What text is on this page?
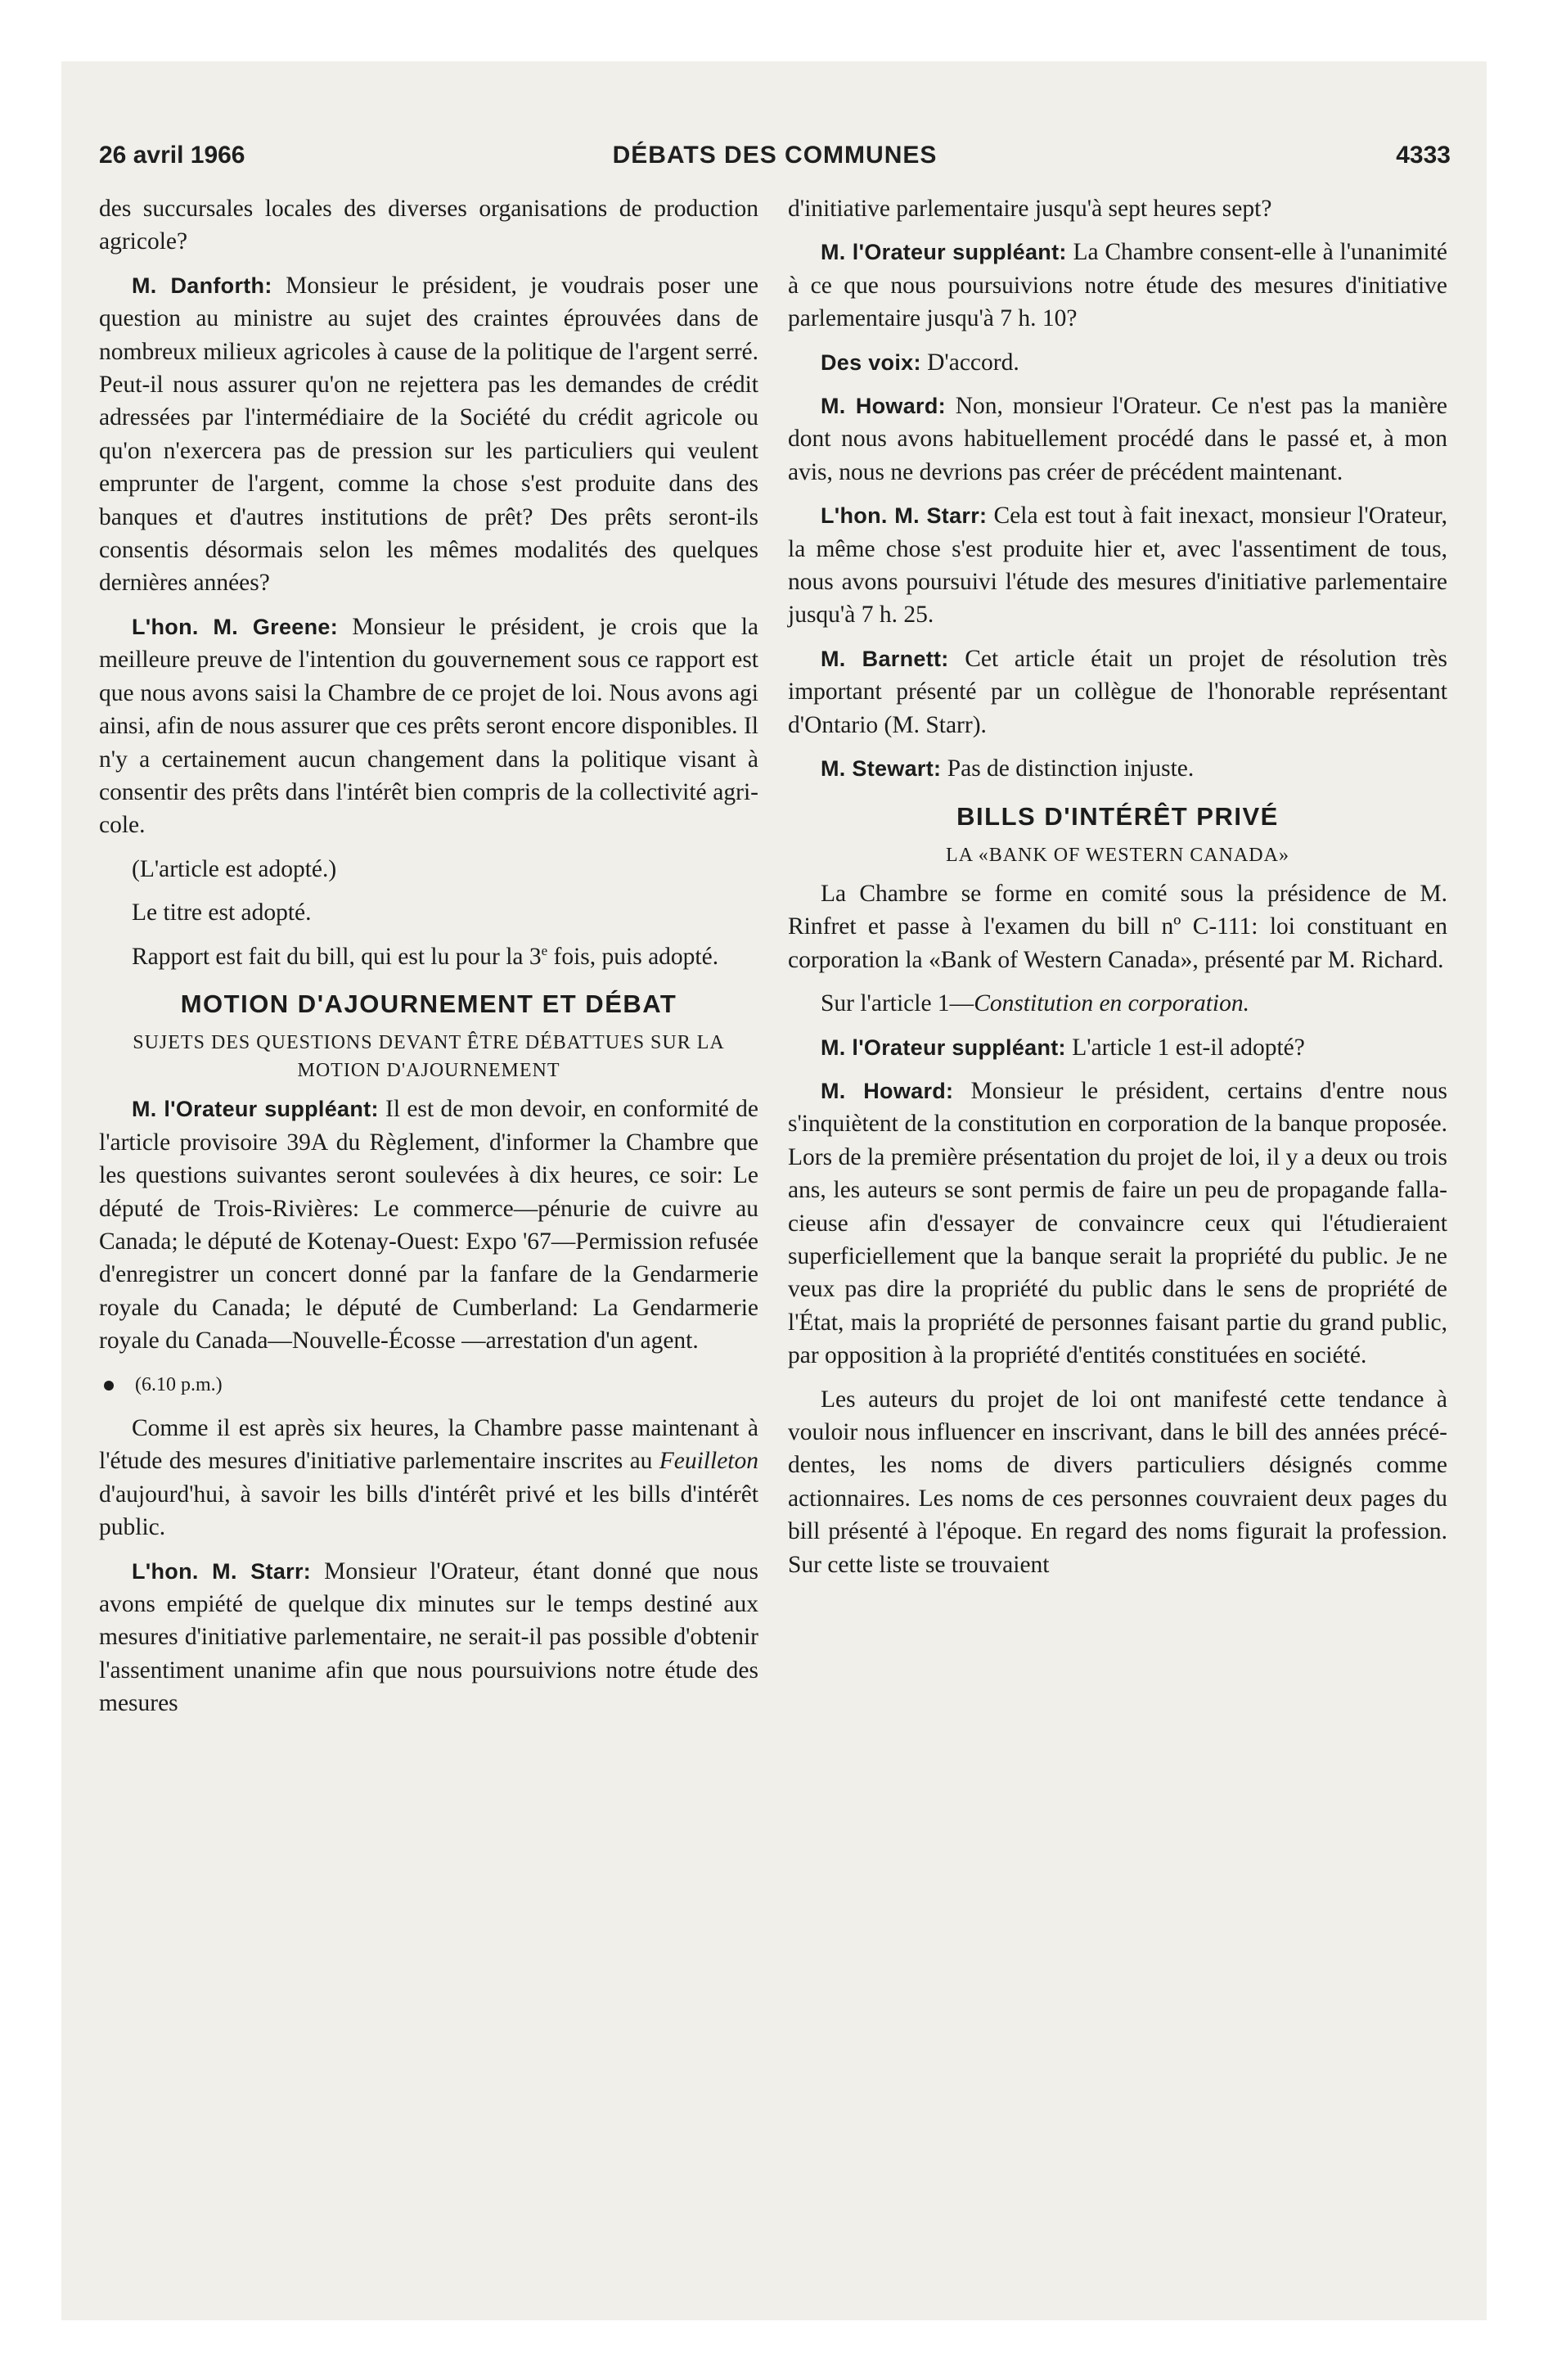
26 avril 1966	DÉBATS DES COMMUNES	4333

des succursales locales des diverses organisations de production agricole?

M. Danforth: Monsieur le président, je voudrais poser une question au ministre au sujet des craintes éprouvées dans de nombreux milieux agricoles à cause de la politique de l'argent serré. Peut-il nous assurer qu'on ne rejettera pas les demandes de crédit adressées par l'intermédiaire de la Société du crédit agricole ou qu'on n'exercera pas de pression sur les particuliers qui veulent emprunter de l'argent, comme la chose s'est produite dans des banques et d'autres institutions de prêt? Des prêts seront-ils consentis désormais selon les mêmes modalités des quelques dernières années?

L'hon. M. Greene: Monsieur le président, je crois que la meilleure preuve de l'intention du gouvernement sous ce rapport est que nous avons saisi la Chambre de ce projet de loi. Nous avons agi ainsi, afin de nous assurer que ces prêts seront encore disponibles. Il n'y a certainement aucun changement dans la politique visant à consentir des prêts dans l'intérêt bien compris de la collectivité agricole.

(L'article est adopté.)

Le titre est adopté.

Rapport est fait du bill, qui est lu pour la 3e fois, puis adopté.

MOTION D'AJOURNEMENT ET DÉBAT
SUJETS DES QUESTIONS DEVANT ÊTRE DÉBATTUES SUR LA MOTION D'AJOURNEMENT

M. l'Orateur suppléant: Il est de mon devoir, en conformité de l'article provisoire 39A du Règlement, d'informer la Chambre que les questions suivantes seront soulevées à dix heures, ce soir: Le député de Trois-Rivières: Le commerce—pénurie de cuivre au Canada; le député de Kotenay-Ouest: Expo '67—Permission refusée d'enregistrer un concert donné par la fanfare de la Gendarmerie royale du Canada; le député de Cumberland: La Gendarmerie royale du Canada—Nouvelle-Écosse —arrestation d'un agent.

(6.10 p.m.)

Comme il est après six heures, la Chambre passe maintenant à l'étude des mesures d'initiative parlementaire inscrites au Feuilleton d'aujourd'hui, à savoir les bills d'intérêt privé et les bills d'intérêt public.

L'hon. M. Starr: Monsieur l'Orateur, étant donné que nous avons empiété de quelque dix minutes sur le temps destiné aux mesures d'initiative parlementaire, ne serait-il pas possible d'obtenir l'assentiment unanime afin que nous poursuivions notre étude des mesures

d'initiative parlementaire jusqu'à sept heures sept?

M. l'Orateur suppléant: La Chambre consent-elle à l'unanimité à ce que nous poursuivions notre étude des mesures d'initiative parlementaire jusqu'à 7 h. 10?

Des voix: D'accord.

M. Howard: Non, monsieur l'Orateur. Ce n'est pas la manière dont nous avons habituellement procédé dans le passé et, à mon avis, nous ne devrions pas créer de précédent maintenant.

L'hon. M. Starr: Cela est tout à fait inexact, monsieur l'Orateur, la même chose s'est produite hier et, avec l'assentiment de tous, nous avons poursuivi l'étude des mesures d'initiative parlementaire jusqu'à 7 h. 25.

M. Barnett: Cet article était un projet de résolution très important présenté par un collègue de l'honorable représentant d'Ontario (M. Starr).

M. Stewart: Pas de distinction injuste.

BILLS D'INTÉRÊT PRIVÉ
LA «BANK OF WESTERN CANADA»

La Chambre se forme en comité sous la présidence de M. Rinfret et passe à l'examen du bill nº C-111: loi constituant en corporation la «Bank of Western Canada», présenté par M. Richard.

Sur l'article 1—Constitution en corporation.

M. l'Orateur suppléant: L'article 1 est-il adopté?

M. Howard: Monsieur le président, certains d'entre nous s'inquiètent de la constitution en corporation de la banque proposée. Lors de la première présentation du projet de loi, il y a deux ou trois ans, les auteurs se sont permis de faire un peu de propagande fallacieuse afin d'essayer de convaincre ceux qui l'étudieraient superficiellement que la banque serait la propriété du public. Je ne veux pas dire la propriété du public dans le sens de propriété de l'État, mais la propriété de personnes faisant partie du grand public, par opposition à la propriété d'entités constituées en société.

Les auteurs du projet de loi ont manifesté cette tendance à vouloir nous influencer en inscrivant, dans le bill des années précédentes, les noms de divers particuliers désignés comme actionnaires. Les noms de ces personnes couvraient deux pages du bill présenté à l'époque. En regard des noms figurait la profession. Sur cette liste se trouvaient
